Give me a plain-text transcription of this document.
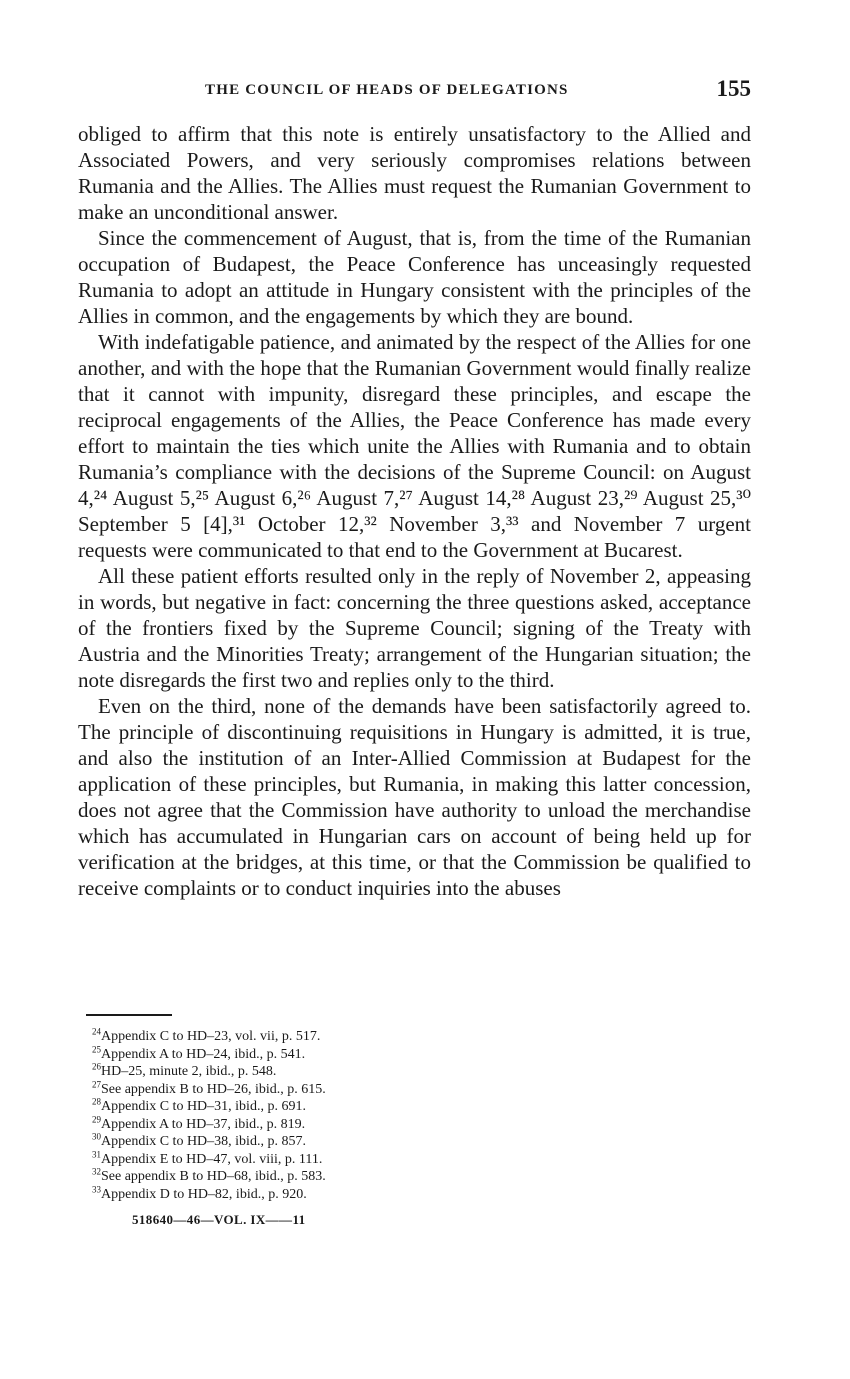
THE COUNCIL OF HEADS OF DELEGATIONS	155

obliged to affirm that this note is entirely unsatisfactory to the Allied and Associated Powers, and very seriously compromises relations between Rumania and the Allies. The Allies must request the Rumanian Government to make an unconditional answer.

Since the commencement of August, that is, from the time of the Rumanian occupation of Budapest, the Peace Conference has unceasingly requested Rumania to adopt an attitude in Hungary consistent with the principles of the Allies in common, and the engagements by which they are bound.

With indefatigable patience, and animated by the respect of the Allies for one another, and with the hope that the Rumanian Government would finally realize that it cannot with impunity, disregard these principles, and escape the reciprocal engagements of the Allies, the Peace Conference has made every effort to maintain the ties which unite the Allies with Rumania and to obtain Rumania’s compliance with the decisions of the Supreme Council: on August 4,²⁴ August 5,²⁵ August 6,²⁶ August 7,²⁷ August 14,²⁸ August 23,²⁹ August 25,³⁰ September 5 [4],³¹ October 12,³² November 3,³³ and November 7 urgent requests were communicated to that end to the Government at Bucarest.

All these patient efforts resulted only in the reply of November 2, appeasing in words, but negative in fact: concerning the three questions asked, acceptance of the frontiers fixed by the Supreme Council; signing of the Treaty with Austria and the Minorities Treaty; arrangement of the Hungarian situation; the note disregards the first two and replies only to the third.

Even on the third, none of the demands have been satisfactorily agreed to. The principle of discontinuing requisitions in Hungary is admitted, it is true, and also the institution of an Inter-Allied Commission at Budapest for the application of these principles, but Rumania, in making this latter concession, does not agree that the Commission have authority to unload the merchandise which has accumulated in Hungarian cars on account of being held up for verification at the bridges, at this time, or that the Commission be qualified to receive complaints or to conduct inquiries into the abuses

$^{24}$Appendix C to HD–23, vol. vii, p. 517.
$^{25}$Appendix A to HD–24, ibid., p. 541.
$^{26}$HD–25, minute 2, ibid., p. 548.
$^{27}$See appendix B to HD–26, ibid., p. 615.
$^{28}$Appendix C to HD–31, ibid., p. 691.
$^{29}$Appendix A to HD–37, ibid., p. 819.
$^{30}$Appendix C to HD–38, ibid., p. 857.
$^{31}$Appendix E to HD–47, vol. viii, p. 111.
$^{32}$See appendix B to HD–68, ibid., p. 583.
$^{33}$Appendix D to HD–82, ibid., p. 920.
518640—46—VOL. IX——11
